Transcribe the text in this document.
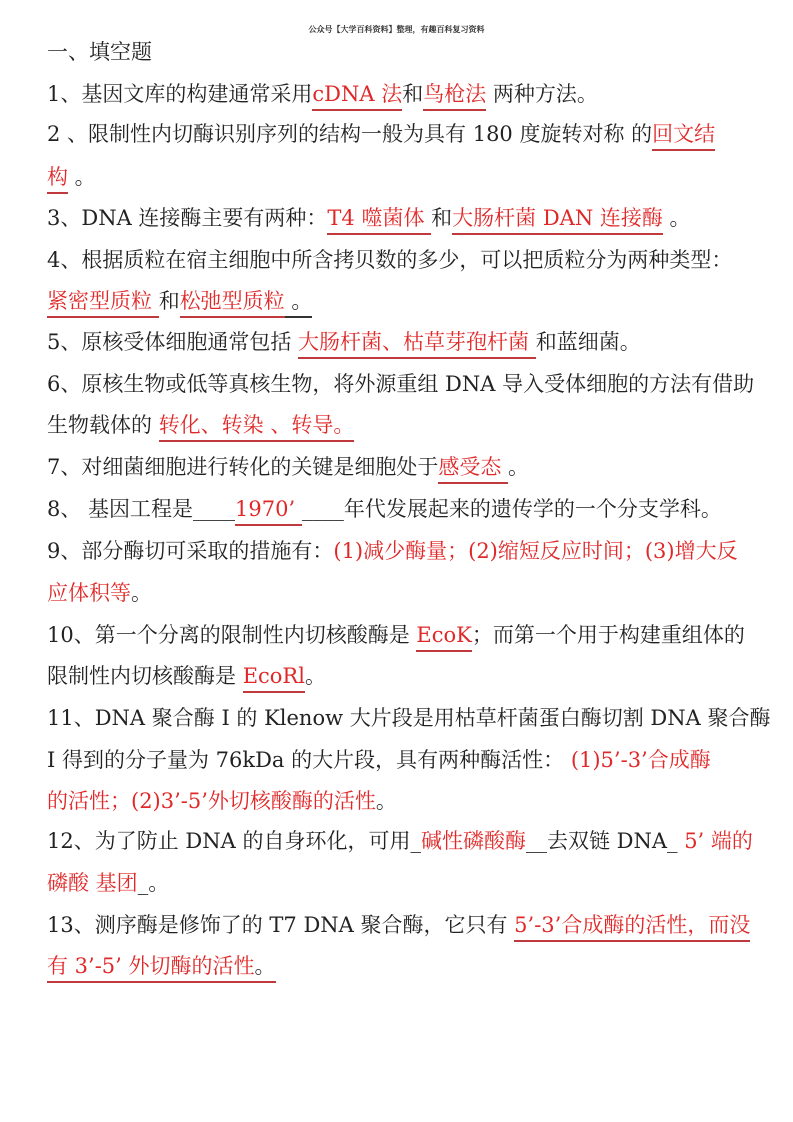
公众号【大学百科资料】整理，有趣百科复习资料
一、填空题
1、基因文库的构建通常采用cDNA 法和鸟枪法 两种方法。
2 、限制性内切酶识别序列的结构一般为具有 180 度旋转对称 的回文结
构 。
3、DNA 连接酶主要有两种：T4 噬菌体 和大肠杆菌 DAN 连接酶 。
4、根据质粒在宿主细胞中所含拷贝数的多少，可以把质粒分为两种类型：
紧密型质粒 和松弛型质粒 。
5、原核受体细胞通常包括 大肠杆菌、枯草芽孢杆菌 和蓝细菌。
6、原核生物或低等真核生物，将外源重组 DNA 导入受体细胞的方法有借助
生物载体的 转化、转染 、转导。
7、对细菌细胞进行转化的关键是细胞处于感受态 。
8、 基因工程是____1970’ ____年代发展起来的遗传学的一个分支学科。
9、部分酶切可采取的措施有：(1)减少酶量；(2)缩短反应时间；(3)增大反
应体积等。
10、第一个分离的限制性内切核酸酶是 EcoK；而第一个用于构建重组体的
限制性内切核酸酶是 EcoRl。
11、DNA 聚合酶 I 的 Klenow 大片段是用枯草杆菌蛋白酶切割 DNA 聚合酶
I 得到的分子量为 76kDa 的大片段，具有两种酶活性： (1)5’-3’合成酶
的活性；(2)3’-5’外切核酸酶的活性。
12、为了防止 DNA 的自身环化，可用_碱性磷酸酶__去双链 DNA_ 5’ 端的
磷酸 基团_。
13、测序酶是修饰了的 T7 DNA 聚合酶，它只有 5’-3’合成酶的活性，而没
有 3’-5’ 外切酶的活性。
